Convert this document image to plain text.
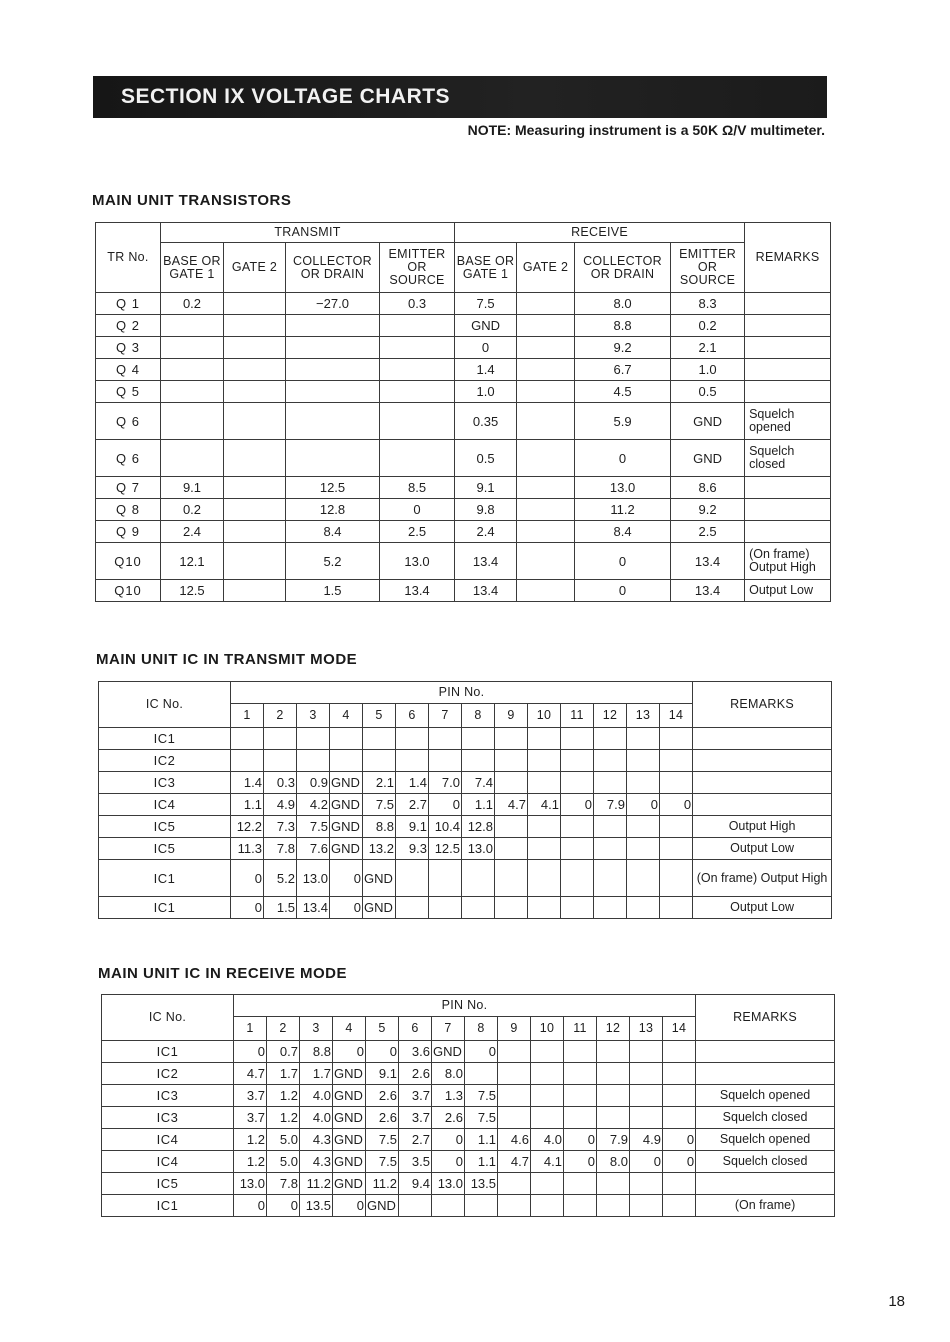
SECTION IX VOLTAGE CHARTS
NOTE: Measuring instrument is a 50K Ω/V multimeter.
MAIN UNIT TRANSISTORS
TR No.	TRANSMIT				RECEIVE				REMARKS
	BASE OR GATE 1	GATE 2	COLLECTOR OR DRAIN	EMITTER OR SOURCE	BASE OR GATE 1	GATE 2	COLLECTOR OR DRAIN	EMITTER OR SOURCE	
Q 1	0.2		−27.0	0.3	7.5		8.0	8.3	
Q 2					GND		8.8	0.2	
Q 3					0		9.2	2.1	
Q 4					1.4		6.7	1.0	
Q 5					1.0		4.5	0.5	
Q 6					0.35		5.9	GND	Squelch opened
Q 6					0.5		0	GND	Squelch closed
Q 7	9.1		12.5	8.5	9.1		13.0	8.6	
Q 8	0.2		12.8	0	9.8		11.2	9.2	
Q 9	2.4		8.4	2.5	2.4		8.4	2.5	
Q10	12.1		5.2	13.0	13.4		0	13.4	(On frame) Output High
Q10	12.5		1.5	13.4	13.4		0	13.4	Output Low
MAIN UNIT IC IN TRANSMIT MODE
IC No.	PIN No.														REMARKS
	1	2	3	4	5	6	7	8	9	10	11	12	13	14	
IC1															
IC2															
IC3	1.4	0.3	0.9	GND	2.1	1.4	7.0	7.4							
IC4	1.1	4.9	4.2	GND	7.5	2.7	0	1.1	4.7	4.1	0	7.9	0	0	
IC5	12.2	7.3	7.5	GND	8.8	9.1	10.4	12.8							Output High
IC5	11.3	7.8	7.6	GND	13.2	9.3	12.5	13.0							Output Low
IC1	0	5.2	13.0	0	GND										(On frame) Output High
IC1	0	1.5	13.4	0	GND										Output Low
MAIN UNIT IC IN RECEIVE MODE
IC No.	PIN No.														REMARKS
	1	2	3	4	5	6	7	8	9	10	11	12	13	14	
IC1	0	0.7	8.8	0	0	3.6	GND	0							
IC2	4.7	1.7	1.7	GND	9.1	2.6	8.0								
IC3	3.7	1.2	4.0	GND	2.6	3.7	1.3	7.5							Squelch opened
IC3	3.7	1.2	4.0	GND	2.6	3.7	2.6	7.5							Squelch closed
IC4	1.2	5.0	4.3	GND	7.5	2.7	0	1.1	4.6	4.0	0	7.9	4.9	0	Squelch opened
IC4	1.2	5.0	4.3	GND	7.5	3.5	0	1.1	4.7	4.1	0	8.0	0	0	Squelch closed
IC5	13.0	7.8	11.2	GND	11.2	9.4	13.0	13.5							
IC1	0	0	13.5	0	GND										(On frame)
18
